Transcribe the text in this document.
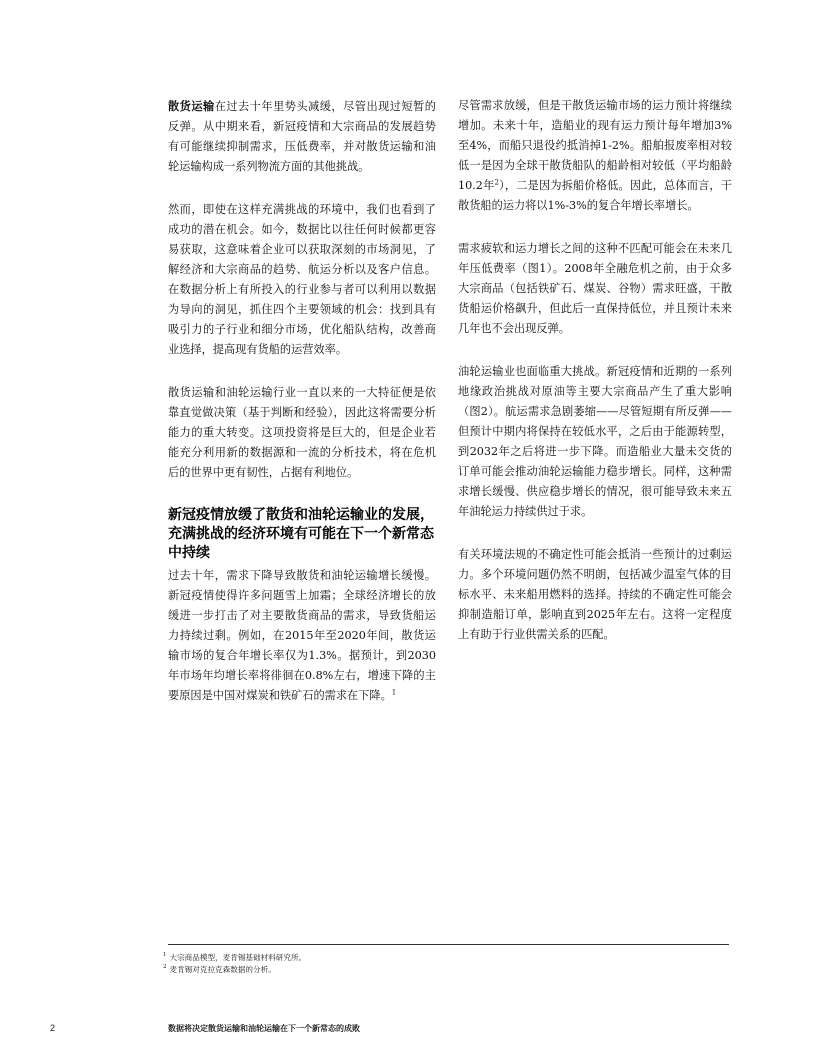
散货运输在过去十年里势头减缓，尽管出现过短暂的反弹。从中期来看，新冠疫情和大宗商品的发展趋势有可能继续抑制需求，压低费率，并对散货运输和油轮运输构成一系列物流方面的其他挑战。

然而，即使在这样充满挑战的环境中，我们也看到了成功的潜在机会。如今，数据比以往任何时候都更容易获取，这意味着企业可以获取深刻的市场洞见，了解经济和大宗商品的趋势、航运分析以及客户信息。在数据分析上有所投入的行业参与者可以利用以数据为导向的洞见，抓住四个主要领域的机会：找到具有吸引力的子行业和细分市场，优化船队结构，改善商业选择，提高现有货船的运营效率。

散货运输和油轮运输行业一直以来的一大特征便是依靠直觉做决策（基于判断和经验），因此这将需要分析能力的重大转变。这项投资将是巨大的，但是企业若能充分利用新的数据源和一流的分析技术，将在危机后的世界中更有韧性，占据有利地位。

新冠疫情放缓了散货和油轮运输业的发展，充满挑战的经济环境有可能在下一个新常态中持续

过去十年，需求下降导致散货和油轮运输增长缓慢。新冠疫情使得许多问题雪上加霜；全球经济增长的放缓进一步打击了对主要散货商品的需求，导致货船运力持续过剩。例如，在2015年至2020年间，散货运输市场的复合年增长率仅为1.3%。据预计，到2030年市场年均增长率将徘徊在0.8%左右，增速下降的主要原因是中国对煤炭和铁矿石的需求在下降。$^1$

尽管需求放缓，但是干散货运输市场的运力预计将继续增加。未来十年，造船业的现有运力预计每年增加3%至4%，而船只退役约抵消掉1-2%。船舶报废率相对较低一是因为全球干散货船队的船龄相对较低（平均船龄10.2年$^2$），二是因为拆船价格低。因此，总体而言，干散货船的运力将以1%-3%的复合年增长率增长。

需求疲软和运力增长之间的这种不匹配可能会在未来几年压低费率（图1）。2008年全融危机之前，由于众多大宗商品（包括铁矿石、煤炭、谷物）需求旺盛，干散货船运价格飙升，但此后一直保持低位，并且预计未来几年也不会出现反弹。

油轮运输业也面临重大挑战。新冠疫情和近期的一系列地缘政治挑战对原油等主要大宗商品产生了重大影响（图2）。航运需求急剧萎缩——尽管短期有所反弹——但预计中期内将保持在较低水平，之后由于能源转型，到2032年之后将进一步下降。而造船业大量未交货的订单可能会推动油轮运输能力稳步增长。同样，这种需求增长缓慢、供应稳步增长的情况，很可能导致未来五年油轮运力持续供过于求。

有关环境法规的不确定性可能会抵消一些预计的过剩运力。多个环境问题仍然不明朗，包括减少温室气体的目标水平、未来船用燃料的选择。持续的不确定性可能会抑制造船订单，影响直到2025年左右。这将一定程度上有助于行业供需关系的匹配。

$^1$ 大宗商品模型，麦肯锡基础材料研究所。
$^2$ 麦肯锡对克拉克森数据的分析。
2	数据将决定散货运输和油轮运输在下一个新常态的成败
